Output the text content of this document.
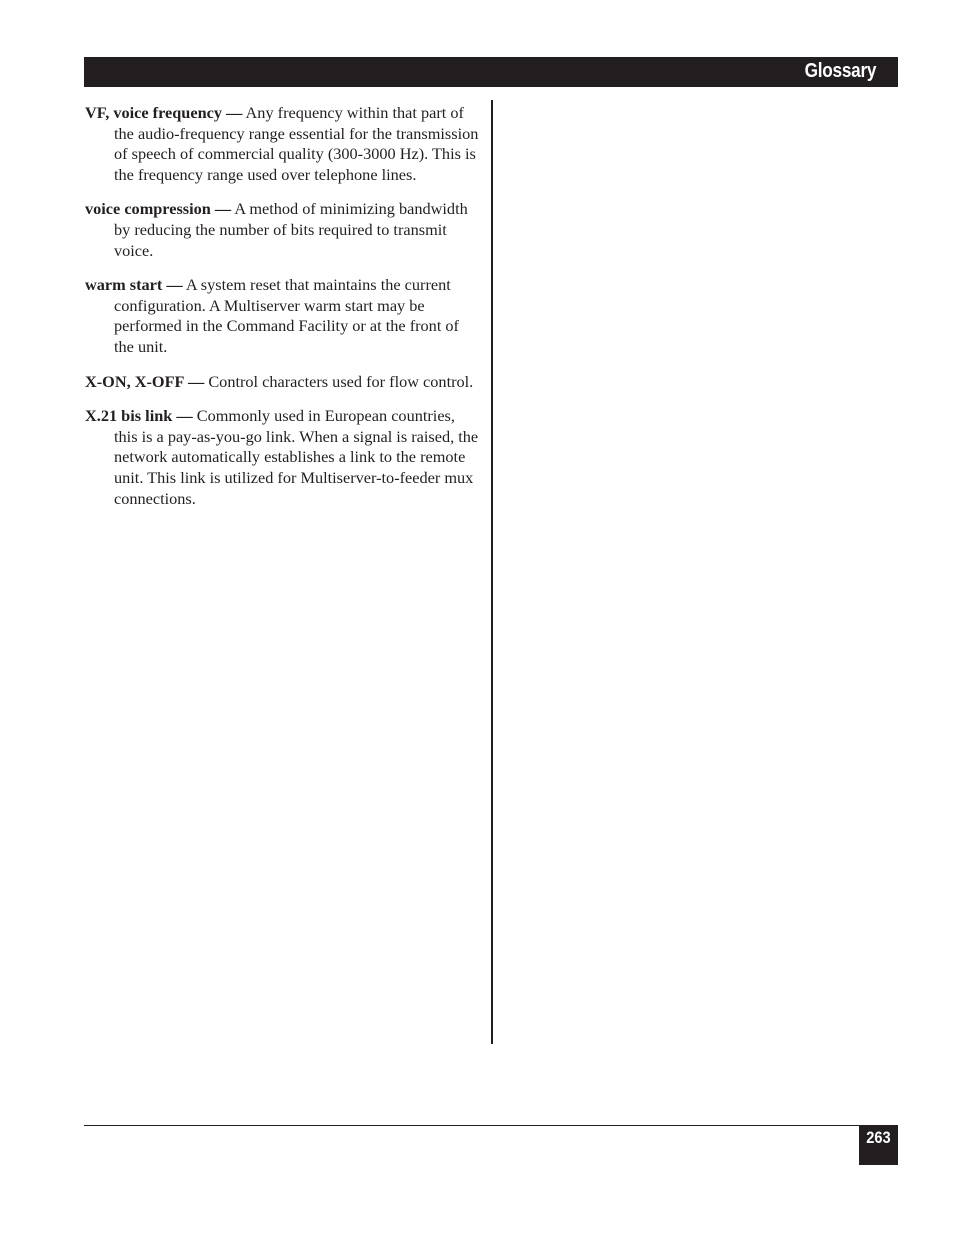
Glossary

VF, voice frequency — Any frequency within that part of the audio-frequency range essential for the transmission of speech of commercial quality (300-3000 Hz). This is the frequency range used over telephone lines.

voice compression — A method of minimizing bandwidth by reducing the number of bits required to transmit voice.

warm start — A system reset that maintains the current configuration. A Multiserver warm start may be performed in the Command Facility or at the front of the unit.

X-ON, X-OFF — Control characters used for flow control.

X.21 bis link — Commonly used in European countries, this is a pay-as-you-go link. When a signal is raised, the network automatically establishes a link to the remote unit. This link is utilized for Multiserver-to-feeder mux connections.

263
